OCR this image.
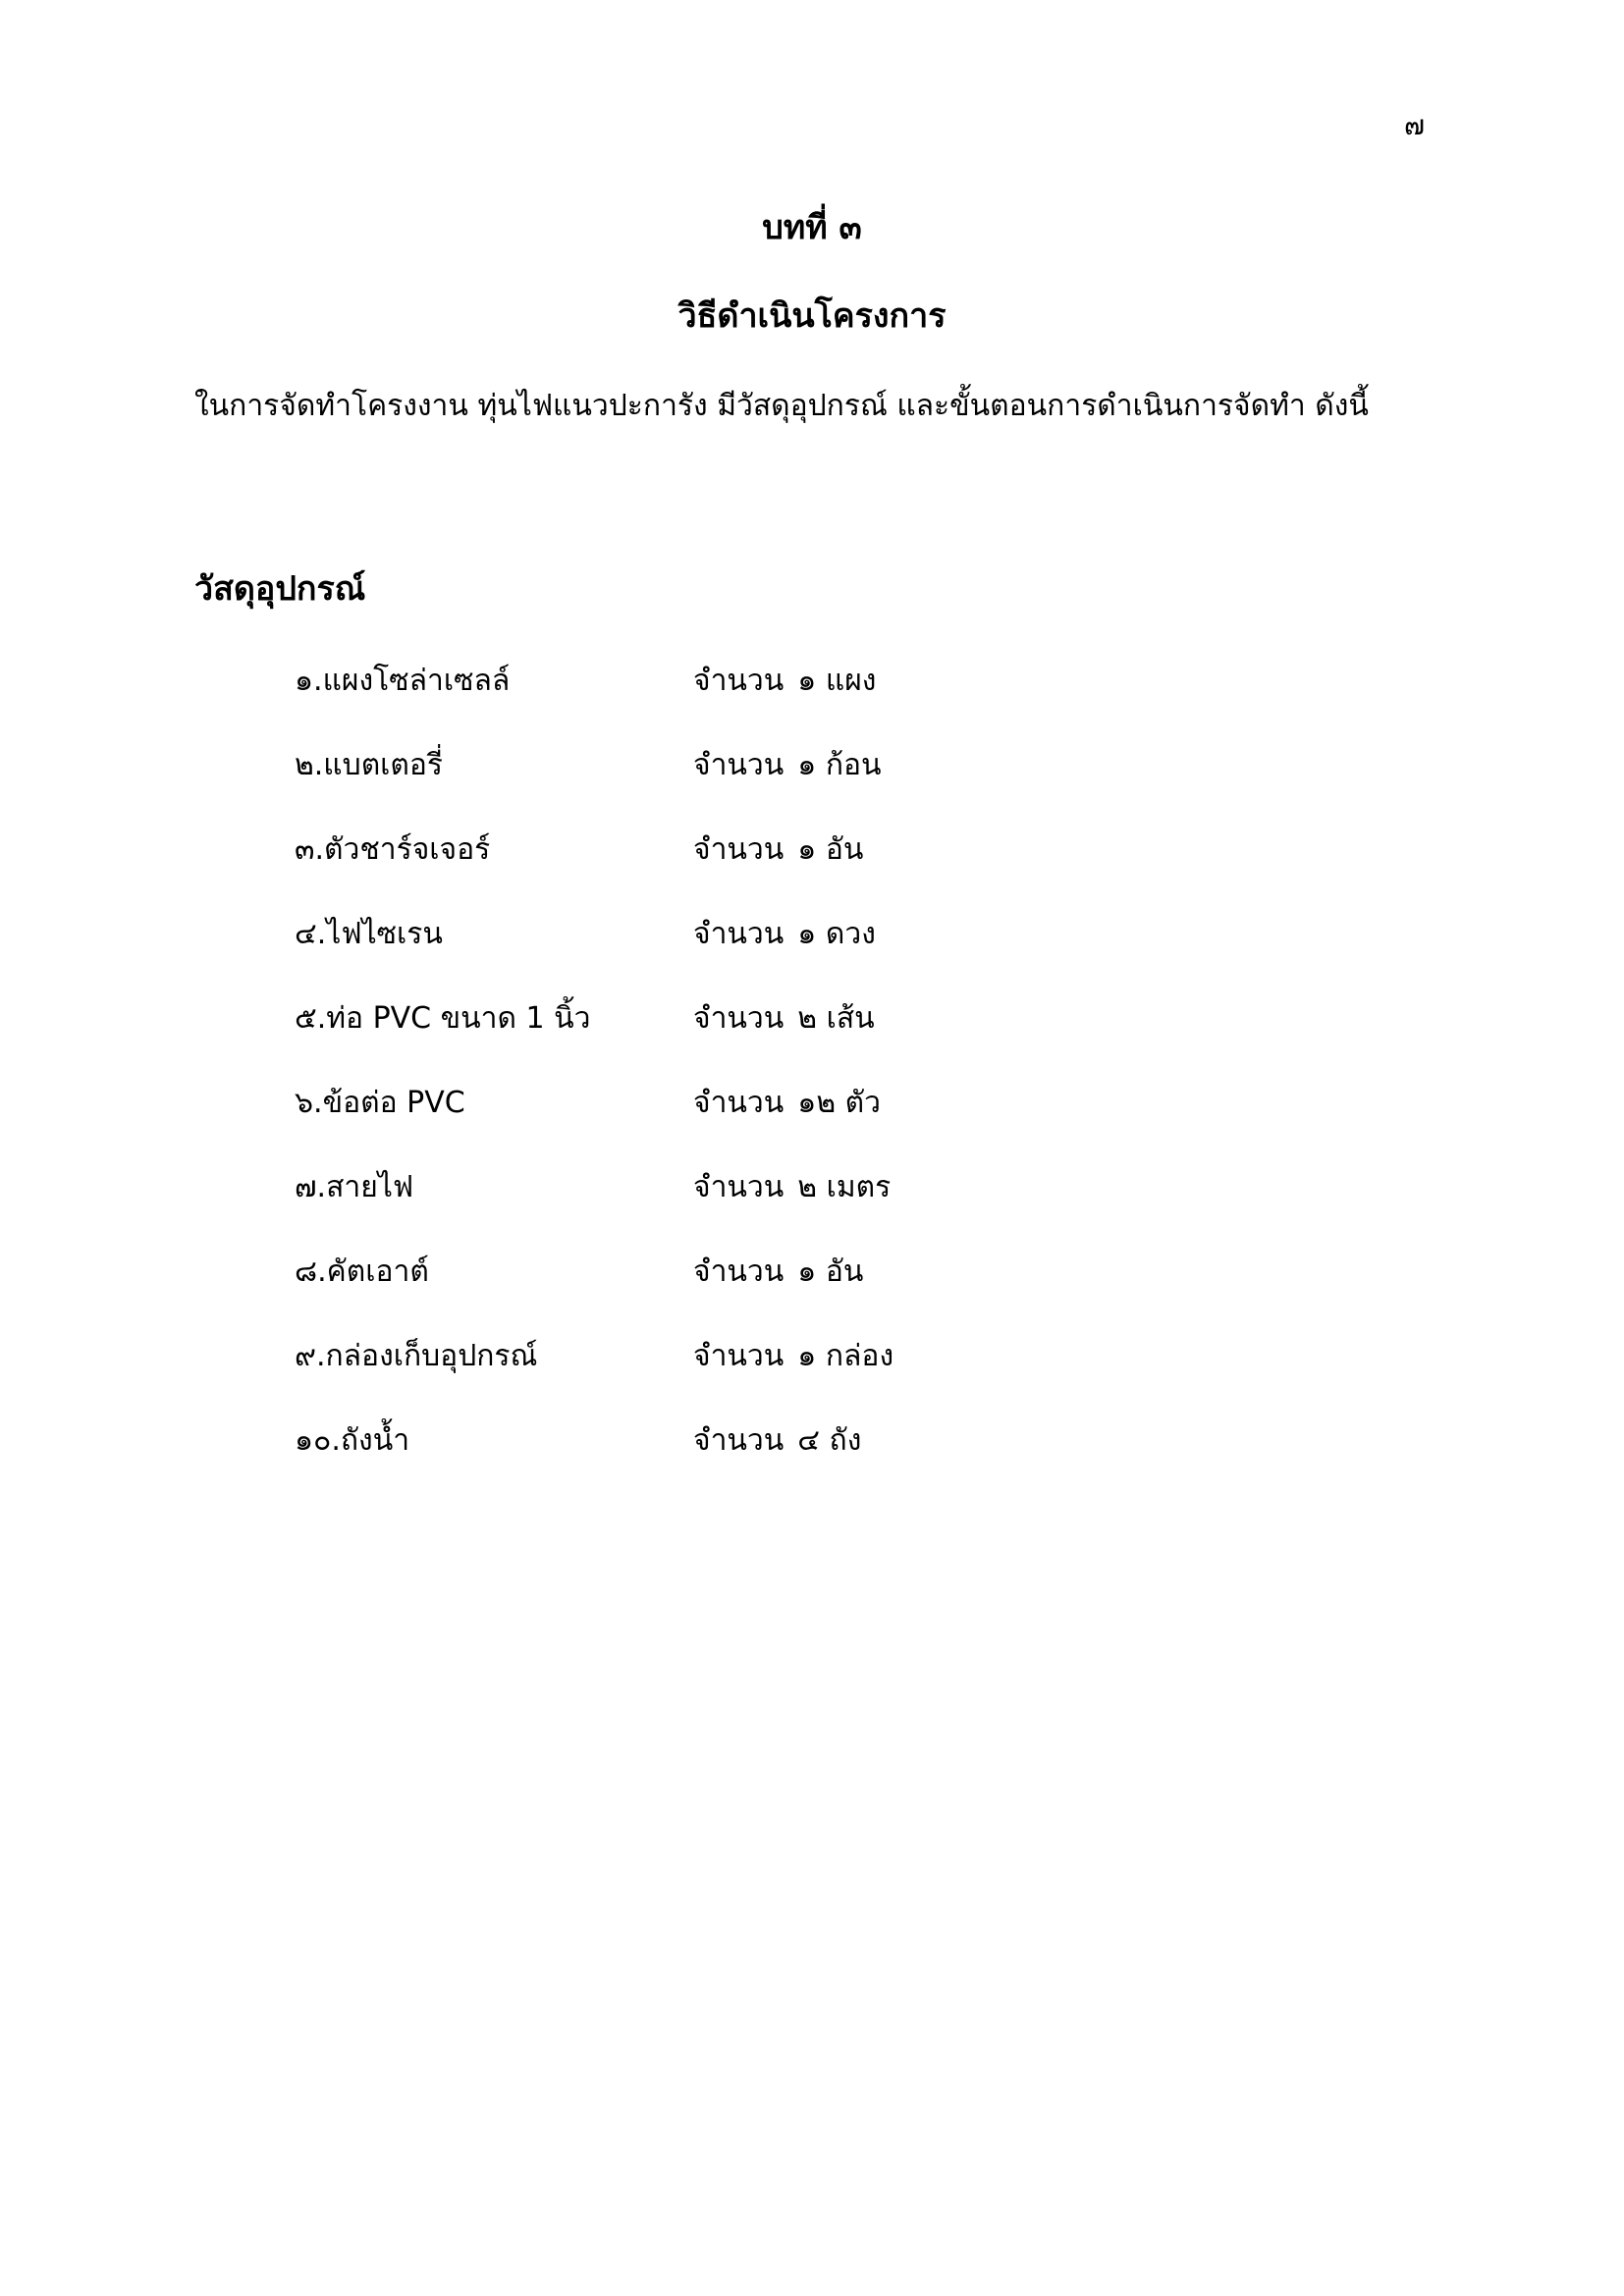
๗
บทที่ ๓
วิธีดำเนินโครงการ
ในการจัดทำโครงงาน ทุ่นไฟแนวปะการัง มีวัสดุอุปกรณ์ และขั้นตอนการดำเนินการจัดทำ ดังนี้
วัสดุอุปกรณ์
๑.แผงโซล่าเซลล์	จำนวน ๑ แผง
๒.แบตเตอรี่	จำนวน ๑ ก้อน
๓.ตัวชาร์จเจอร์	จำนวน ๑ อัน
๔.ไฟไซเรน	จำนวน ๑ ดวง
๕.ท่อ PVC ขนาด 1 นิ้ว	จำนวน ๒ เส้น
๖.ข้อต่อ PVC	จำนวน ๑๒ ตัว
๗.สายไฟ	จำนวน ๒ เมตร
๘.คัตเอาต์	จำนวน ๑ อัน
๙.กล่องเก็บอุปกรณ์	จำนวน ๑ กล่อง
๑๐.ถังน้ำ	จำนวน ๔ ถัง
